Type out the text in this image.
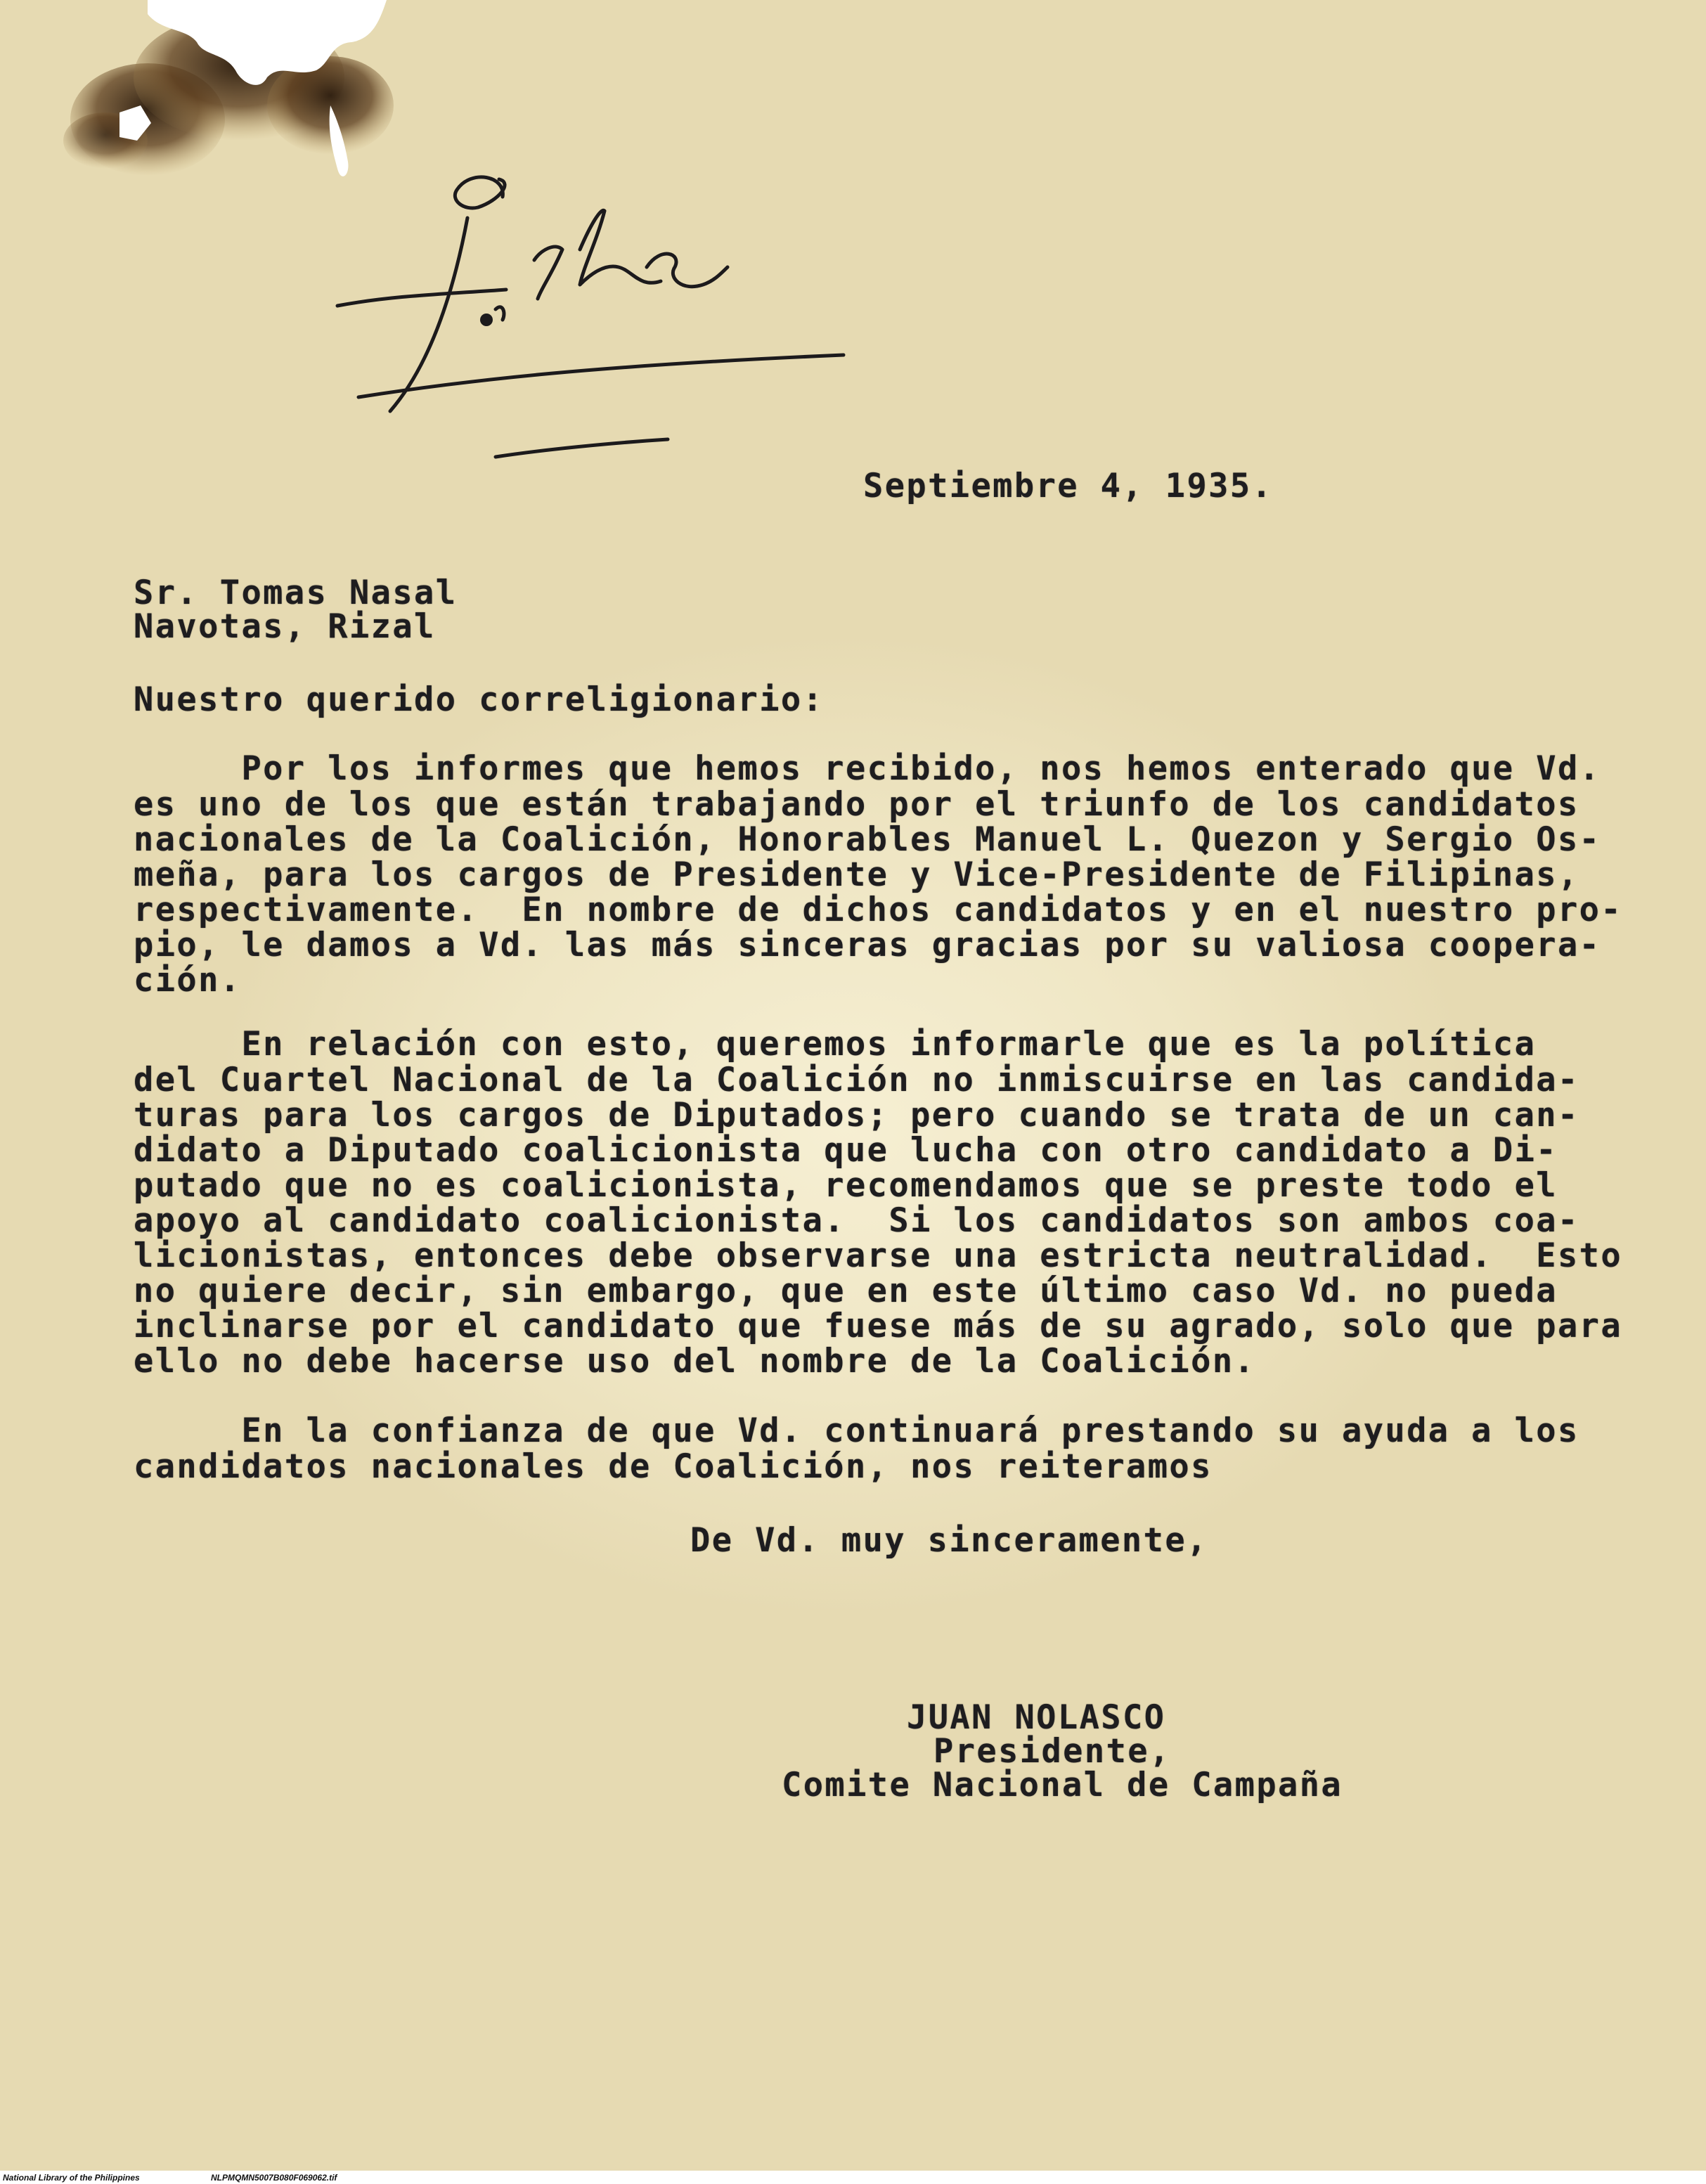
Septiembre 4, 1935.
Sr. Tomas Nasal
Navotas, Rizal
Nuestro querido correligionario:
Por los informes que hemos recibido, nos hemos enterado que Vd.
es uno de los que están trabajando por el triunfo de los candidatos
nacionales de la Coalición, Honorables Manuel L. Quezon y Sergio Os-
meña, para los cargos de Presidente y Vice-Presidente de Filipinas,
respectivamente.  En nombre de dichos candidatos y en el nuestro pro-
pio, le damos a Vd. las más sinceras gracias por su valiosa coopera-
ción.
En relación con esto, queremos informarle que es la política
del Cuartel Nacional de la Coalición no inmiscuirse en las candida-
turas para los cargos de Diputados; pero cuando se trata de un can-
didato a Diputado coalicionista que lucha con otro candidato a Di-
putado que no es coalicionista, recomendamos que se preste todo el
apoyo al candidato coalicionista.  Si los candidatos son ambos coa-
licionistas, entonces debe observarse una estricta neutralidad.  Esto
no quiere decir, sin embargo, que en este último caso Vd. no pueda
inclinarse por el candidato que fuese más de su agrado, solo que para
ello no debe hacerse uso del nombre de la Coalición.
En la confianza de que Vd. continuará prestando su ayuda a los
candidatos nacionales de Coalición, nos reiteramos
De Vd. muy sinceramente,
JUAN NOLASCO
Presidente,
Comite Nacional de Campaña

National Library of the Philippines

	NLPMQMN5007B080F069062.tif
